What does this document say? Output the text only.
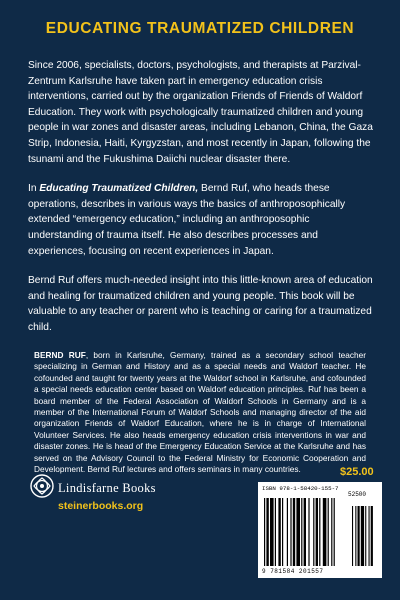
EDUCATING TRAUMATIZED CHILDREN

Since 2006, specialists, doctors, psychologists, and therapists at Parzival-Zentrum Karlsruhe have taken part in emergency education crisis interventions, carried out by the organization Friends of Friends of Waldorf Education. They work with psychologically traumatized children and young people in war zones and disaster areas, including Lebanon, China, the Gaza Strip, Indonesia, Haiti, Kyrgyzstan, and most recently in Japan, following the tsunami and the Fukushima Daiichi nuclear disaster there.

In Educating Traumatized Children, Bernd Ruf, who heads these operations, describes in various ways the basics of anthroposophically extended “emergency education,” including an anthroposophic understanding of trauma itself. He also describes processes and experiences, focusing on recent experiences in Japan.

Bernd Ruf offers much-needed insight into this little-known area of education and healing for traumatized children and young people. This book will be valuable to any teacher or parent who is teaching or caring for a traumatized child.

BERND RUF, born in Karlsruhe, Germany, trained as a secondary school teacher specializing in German and History and as a special needs and Waldorf teacher. He cofounded and taught for twenty years at the Waldorf school in Karlsruhe, and cofounded a special needs education center based on Waldorf education principles. Ruf has been a board member of the Federal Association of Waldorf Schools in Germany and is a member of the International Forum of Waldorf Schools and managing director of the aid organization Friends of Waldorf Education, where he is in charge of International Volunteer Services. He also heads emergency education crisis interventions in war and disaster zones. He is head of the Emergency Education Service at the Karlsruhe and has served on the Advisory Council to the Federal Ministry for Economic Cooperation and Development. Bernd Ruf lectures and offers seminars in many countries.	$25.00
Lindisfarne Books
steinerbooks.org
ISBN 978-1-58420-155-7
52500
9 781584 201557
